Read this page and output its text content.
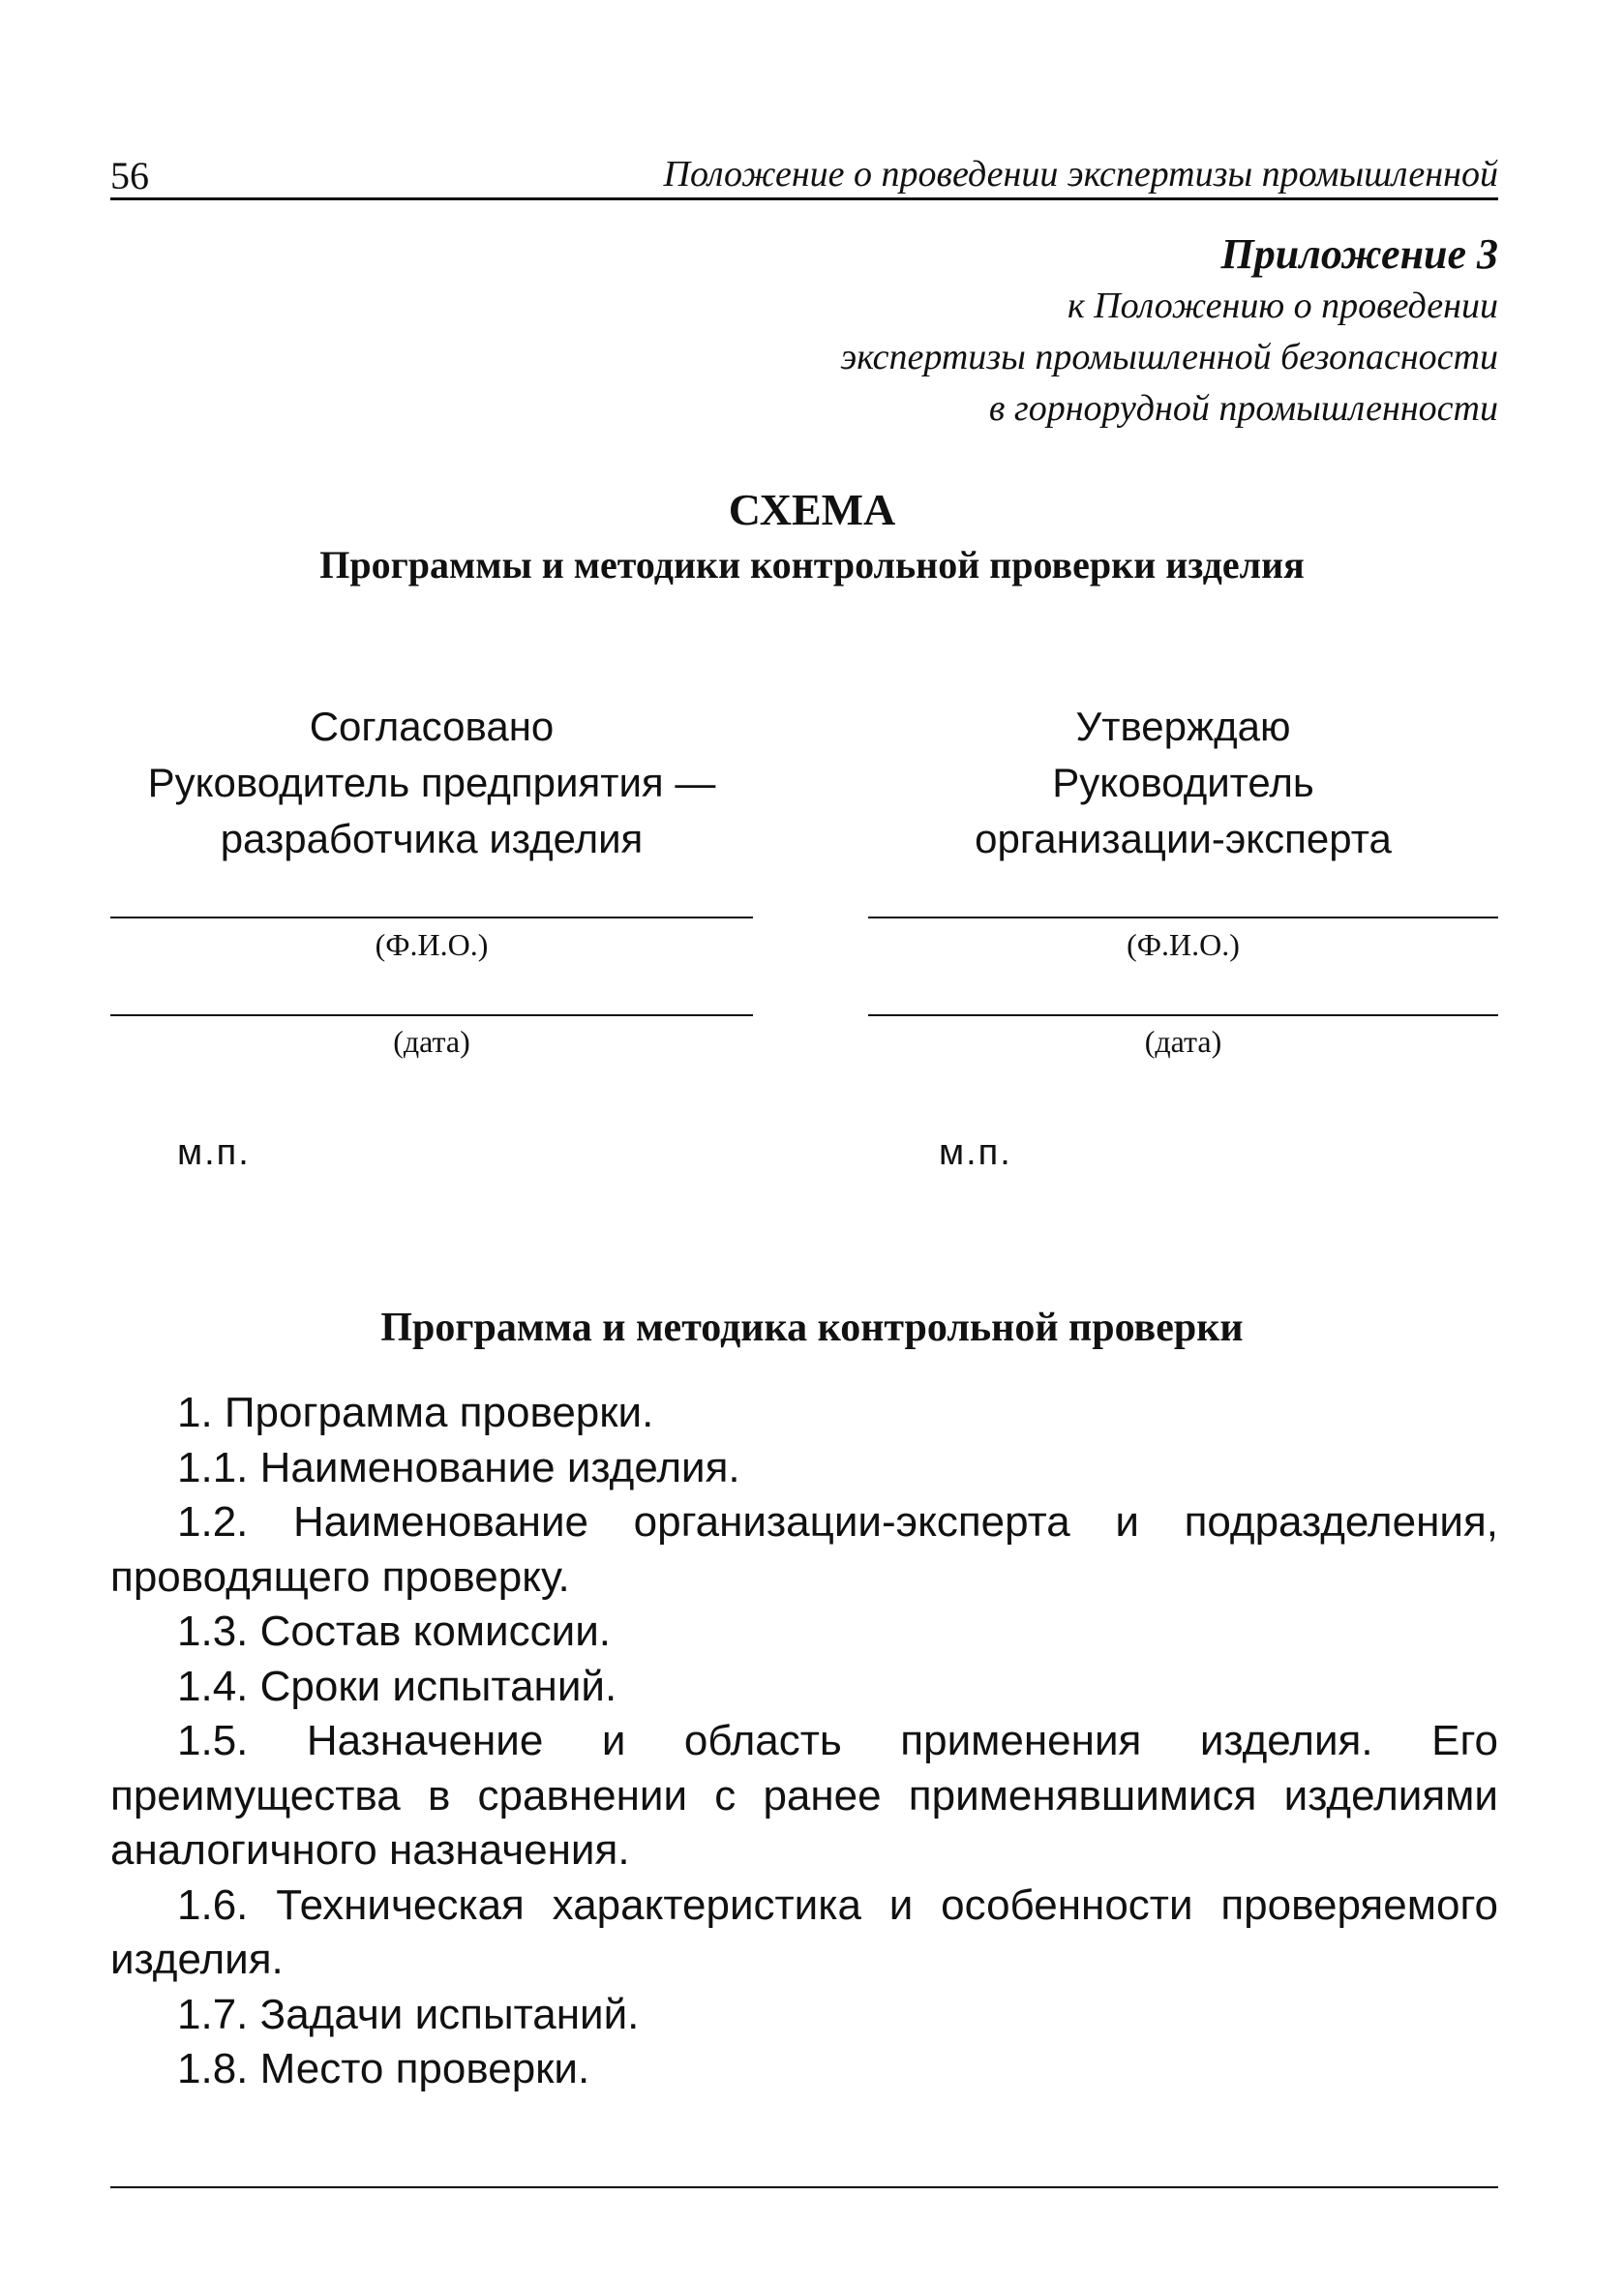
56	Положение о проведении экспертизы промышленной
Приложение 3
к Положению о проведении
экспертизы промышленной безопасности
в горнорудной промышленности
СХЕМА
Программы и методики контрольной проверки изделия
Согласовано
Руководитель предприятия —
разработчика изделия
Утверждаю
Руководитель
организации-эксперта
(Ф.И.О.)	(Ф.И.О.)
(дата)	(дата)
м.п.	м.п.
Программа и методика контрольной проверки

1. Программа проверки.

1.1. Наименование изделия.

1.2. Наименование организации-эксперта и подразделения, проводящего проверку.

1.3. Состав комиссии.

1.4. Сроки испытаний.

1.5. Назначение и область применения изделия. Его преимущества в сравнении с ранее применявшимися изделиями аналогичного назначения.

1.6. Техническая характеристика и особенности проверяемого изделия.

1.7. Задачи испытаний.

1.8. Место проверки.
